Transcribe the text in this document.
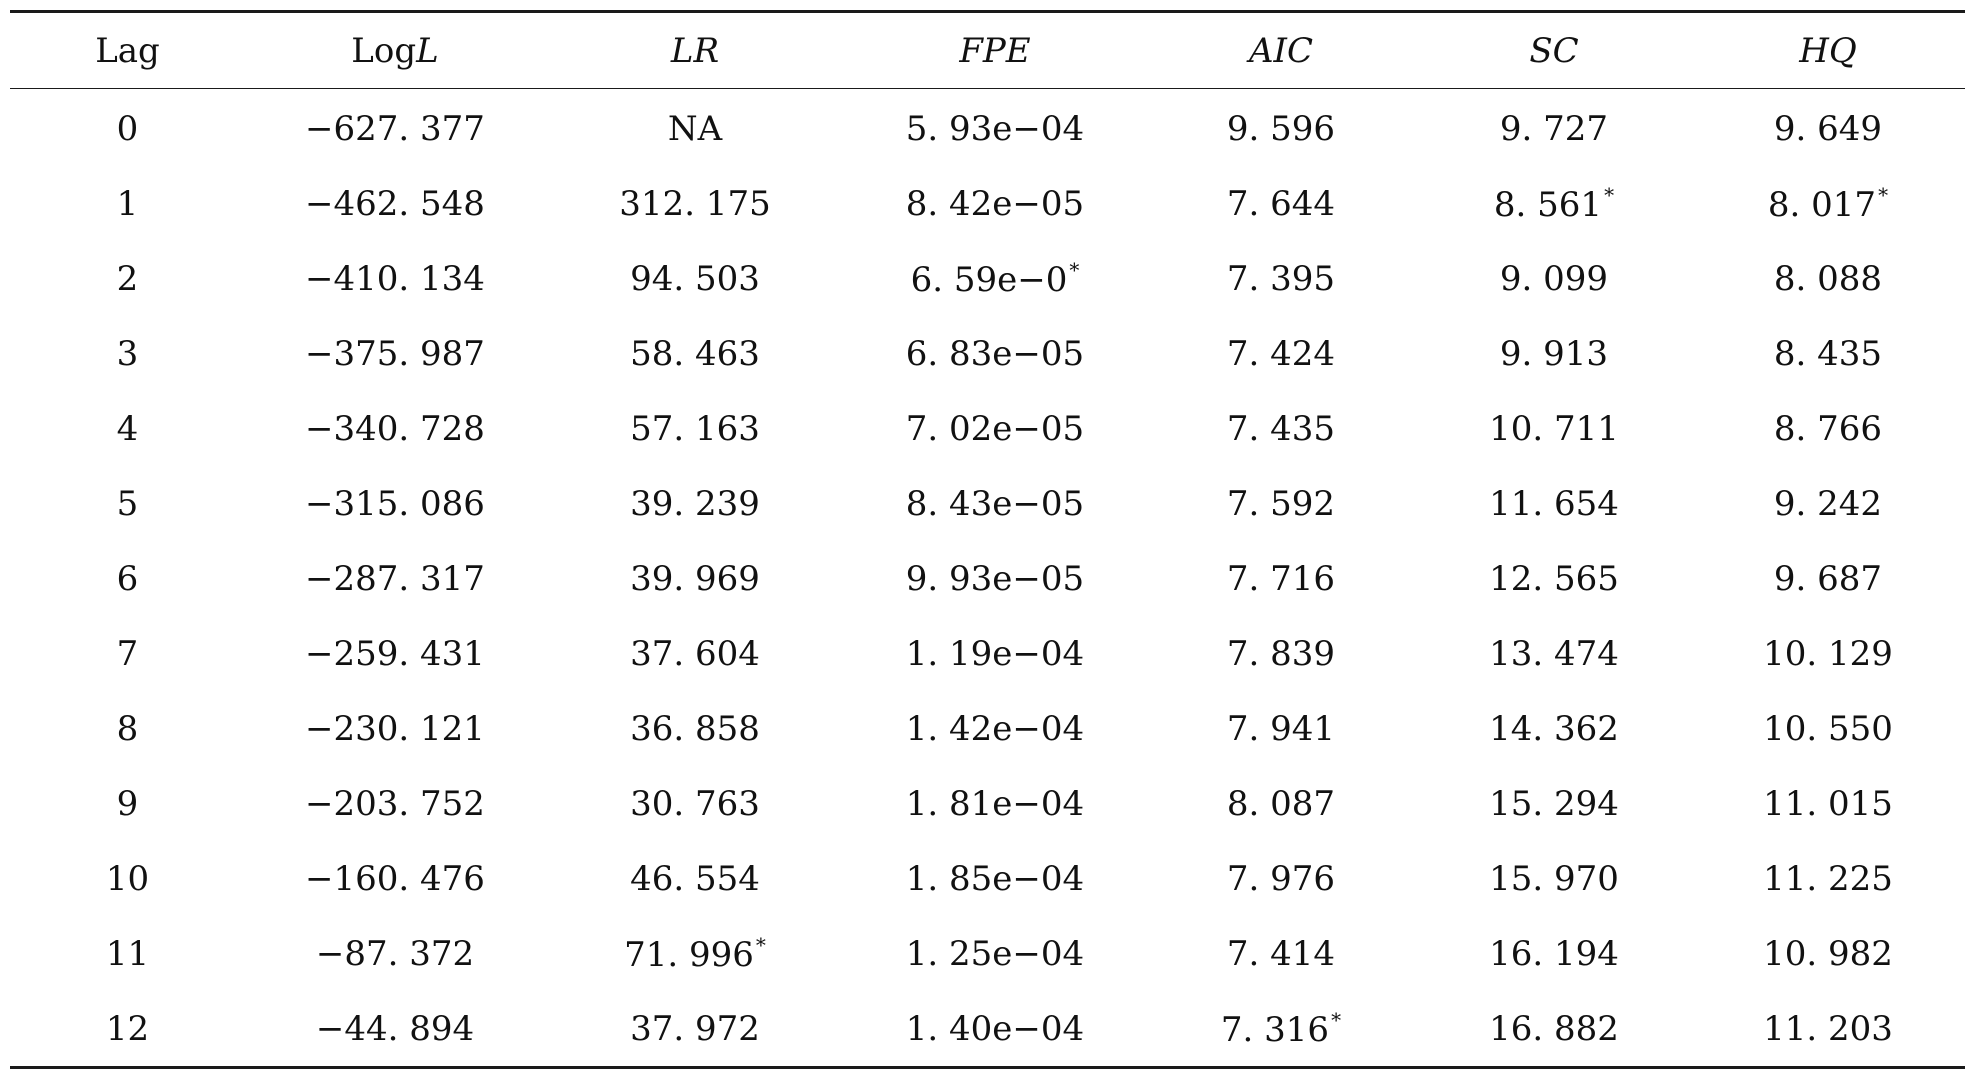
Lag	LogL	LR	FPE	AIC	SC	HQ
0	−627. 377	NA	5. 93e−04	9. 596	9. 727	9. 649
1	−462. 548	312. 175	8. 42e−05	7. 644	8. 561 *	8. 017 *
2	−410. 134	94. 503	6. 59e−0 *	7. 395	9. 099	8. 088
3	−375. 987	58. 463	6. 83e−05	7. 424	9. 913	8. 435
4	−340. 728	57. 163	7. 02e−05	7. 435	10. 711	8. 766
5	−315. 086	39. 239	8. 43e−05	7. 592	11. 654	9. 242
6	−287. 317	39. 969	9. 93e−05	7. 716	12. 565	9. 687
7	−259. 431	37. 604	1. 19e−04	7. 839	13. 474	10. 129
8	−230. 121	36. 858	1. 42e−04	7. 941	14. 362	10. 550
9	−203. 752	30. 763	1. 81e−04	8. 087	15. 294	11. 015
10	−160. 476	46. 554	1. 85e−04	7. 976	15. 970	11. 225
11	−87. 372	71. 996 *	1. 25e−04	7. 414	16. 194	10. 982
12	−44. 894	37. 972	1. 40e−04	7. 316 *	16. 882	11. 203
